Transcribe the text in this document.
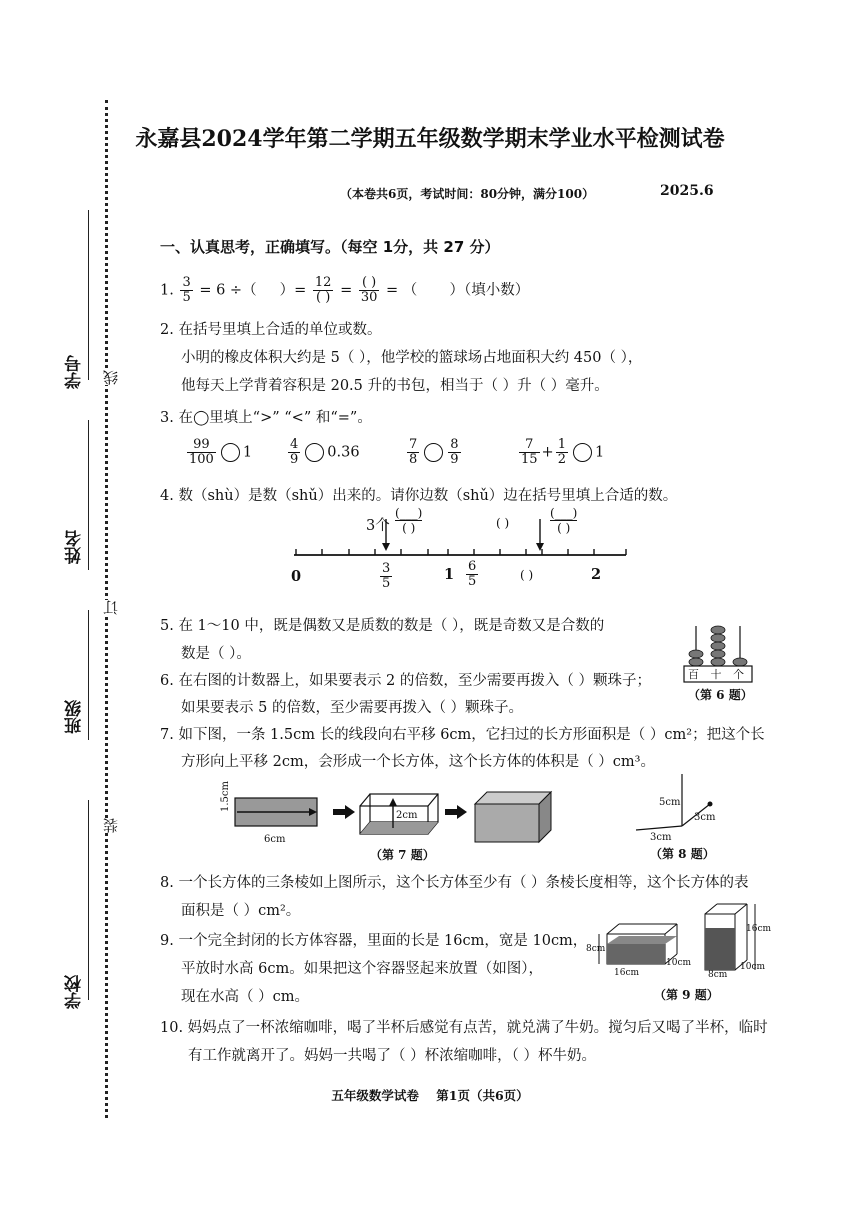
学号
姓名
班级
学校
线
订
装
永嘉县2024学年第二学期五年级数学期末学业水平检测试卷
（本卷共6页，考试时间：80分钟，满分100）	2025.6
一、认真思考，正确填写。（每空 1分，共 27 分）
1. $\frac{3}{5} = 6$ ÷（ ）= $\frac{12}{( )} = \frac{( )}{30}$ = （ ）（填小数）
2. 在括号里填上合适的单位或数。
小明的橡皮体积大约是 5（ ），他学校的篮球场占地面积大约 450（ ），
他每天上学背着容积是 20.5 升的书包，相当于（ ）升（ ）毫升。
3. 在◯里填上“>” “<” 和“=”。
$\frac{99}{100} 1$	$\frac{4}{9} 0.36$	$\frac{7}{8} \frac{8}{9}$	$\frac{7}{15} + \frac{1}{2} 1$
4. 数（shù）是数（shǔ）出来的。请你边数（shǔ）边在括号里填上合适的数。
3个
(___)
( )	( )
(___)
( )
0	$\frac{3}{5}$	$1 \frac{6}{5}$	( )	2
5. 在 1～10 中，既是偶数又是质数的数是（ ），既是奇数又是合数的
数是（ ）。
6. 在右图的计数器上，如果要表示 2 的倍数，至少需要再拨入（ ）颗珠子；
如果要表示 5 的倍数，至少需要再拨入（ ）颗珠子。
百 十 个
（第 6 题）
7. 如下图，一条 1.5cm 长的线段向右平移 6cm，它扫过的长方形面积是（ ）cm²；把这个长
方形向上平移 2cm，会形成一个长方体，这个长方体的体积是（ ）cm³。
1.5cm
6cm
2cm
（第 7 题）
5cm
3cm
3cm
（第 8 题）
8. 一个长方体的三条棱如上图所示，这个长方体至少有（ ）条棱长度相等，这个长方体的表
面积是（ ）cm²。
9. 一个完全封闭的长方体容器，里面的长是 16cm，宽是 10cm，
平放时水高 6cm。如果把这个容器竖起来放置（如图），
现在水高（ ）cm。
8cm
16cm
10cm
16cm
8cm
10cm
（第 9 题）
10. 妈妈点了一杯浓缩咖啡，喝了半杯后感觉有点苦，就兑满了牛奶。搅匀后又喝了半杯，临时
有工作就离开了。妈妈一共喝了（ ）杯浓缩咖啡，（ ）杯牛奶。
五年级数学试卷    第1页（共6页）
